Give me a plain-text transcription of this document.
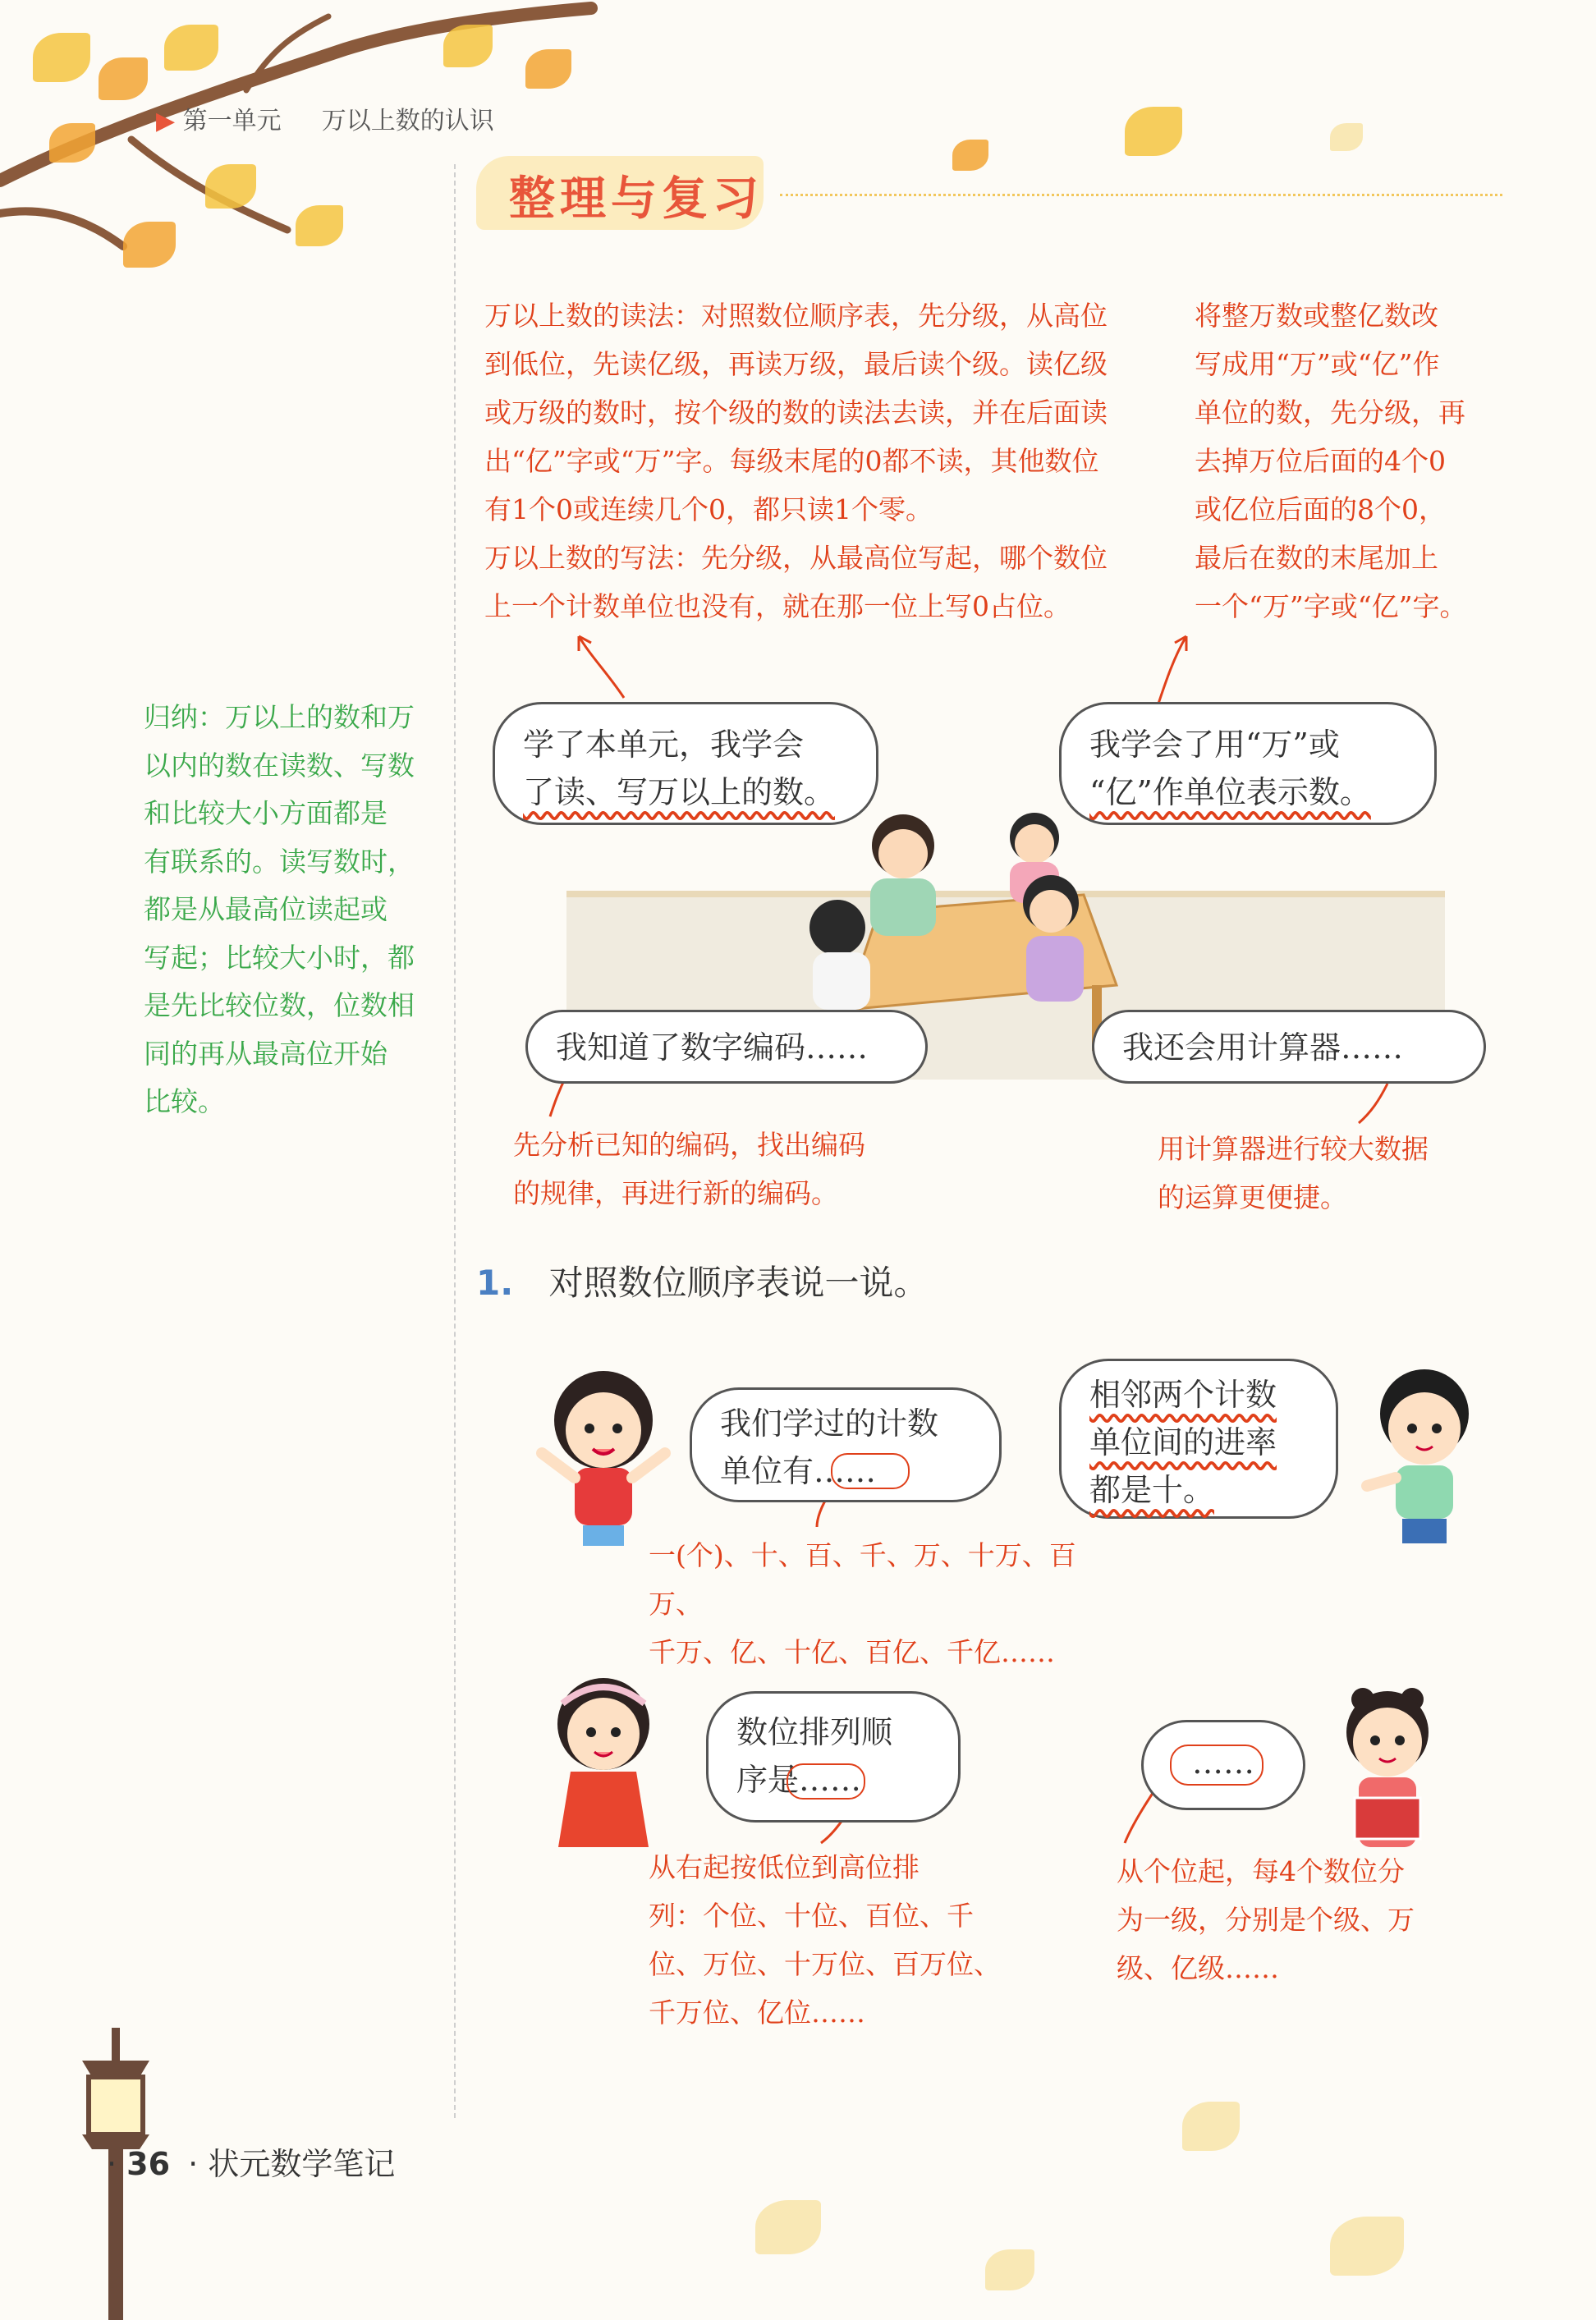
▶ 第一单元 万以上数的认识
整理与复习
万以上数的读法：对照数位顺序表，先分级，从高位
到低位，先读亿级，再读万级，最后读个级。读亿级
或万级的数时，按个级的数的读法去读，并在后面读
出“亿”字或“万”字。每级末尾的0都不读，其他数位
有1个0或连续几个0，都只读1个零。
万以上数的写法：先分级，从最高位写起，哪个数位
上一个计数单位也没有，就在那一位上写0占位。
将整万数或整亿数改
写成用“万”或“亿”作
单位的数，先分级，再
去掉万位后面的4个0
或亿位后面的8个0，
最后在数的末尾加上
一个“万”字或“亿”字。
归纳：万以上的数和万
以内的数在读数、写数
和比较大小方面都是
有联系的。读写数时，
都是从最高位读起或
写起；比较大小时，都
是先比较位数，位数相
同的再从最高位开始
比较。
学了本单元，我学会
了读、写万以上的数。
我学会了用“万”或
“亿”作单位表示数。
我知道了数字编码……	我还会用计算器……
先分析已知的编码，找出编码
的规律，再进行新的编码。
用计算器进行较大数据
的运算更便捷。
1. 对照数位顺序表说一说。
我们学过的计数
单位有……
一(个)、十、百、千、万、十万、百万、
千万、亿、十亿、百亿、千亿……
相邻两个计数
单位间的进率
都是十。
数位排列顺
序是……
从右起按低位到高位排
列：个位、十位、百位、千
位、万位、十万位、百万位、
千万位、亿位……
……
从个位起，每4个数位分
为一级，分别是个级、万
级、亿级……
· 36 · 状元数学笔记
